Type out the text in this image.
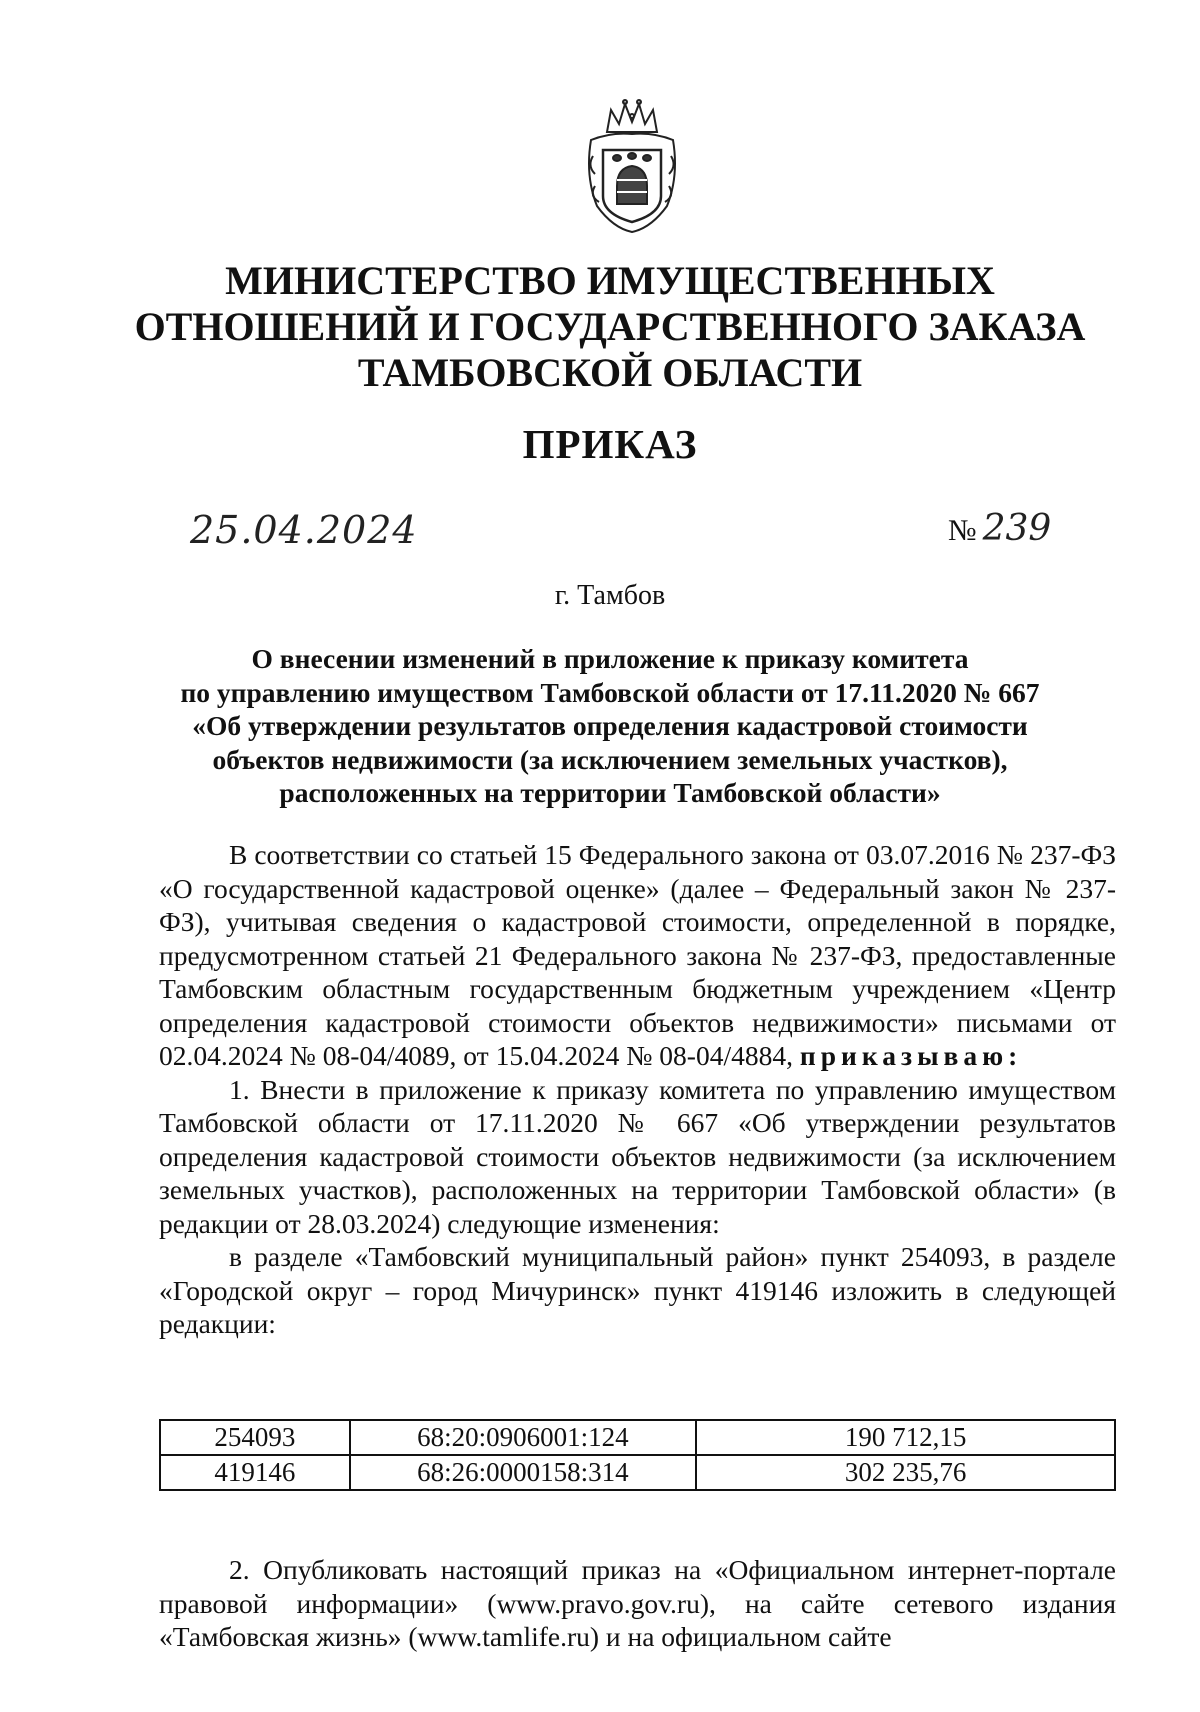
МИНИСТЕРСТВО ИМУЩЕСТВЕННЫХ
ОТНОШЕНИЙ И ГОСУДАРСТВЕННОГО ЗАКАЗА
ТАМБОВСКОЙ ОБЛАСТИ
ПРИКАЗ
25.04.2024	№ 239
г. Тамбов
О внесении изменений в приложение к приказу комитета
по управлению имуществом Тамбовской области от 17.11.2020 № 667
«Об утверждении результатов определения кадастровой стоимости
объектов недвижимости (за исключением земельных участков),
расположенных на территории Тамбовской области»

В соответствии со статьей 15 Федерального закона от 03.07.2016 № 237-ФЗ «О государственной кадастровой оценке» (далее – Федеральный закон № 237-ФЗ), учитывая сведения о кадастровой стоимости, определенной в порядке, предусмотренном статьей 21 Федерального закона № 237-ФЗ, предоставленные Тамбовским областным государственным бюджетным учреждением «Центр определения кадастровой стоимости объектов недвижимости» письмами от 02.04.2024 № 08-04/4089, от 15.04.2024 № 08-04/4884, приказываю:

1. Внести в приложение к приказу комитета по управлению имуществом Тамбовской области от 17.11.2020 № 667 «Об утверждении результатов определения кадастровой стоимости объектов недвижимости (за исключением земельных участков), расположенных на территории Тамбовской области» (в редакции от 28.03.2024) следующие изменения:

в разделе «Тамбовский муниципальный район» пункт 254093, в разделе «Городской округ – город Мичуринск» пункт 419146 изложить в следующей редакции:

254093	68:20:0906001:124	190 712,15
419146	68:26:0000158:314	302 235,76

2. Опубликовать настоящий приказ на «Официальном интернет-портале правовой информации» (www.pravo.gov.ru), на сайте сетевого издания «Тамбовская жизнь» (www.tamlife.ru) и на официальном сайте
